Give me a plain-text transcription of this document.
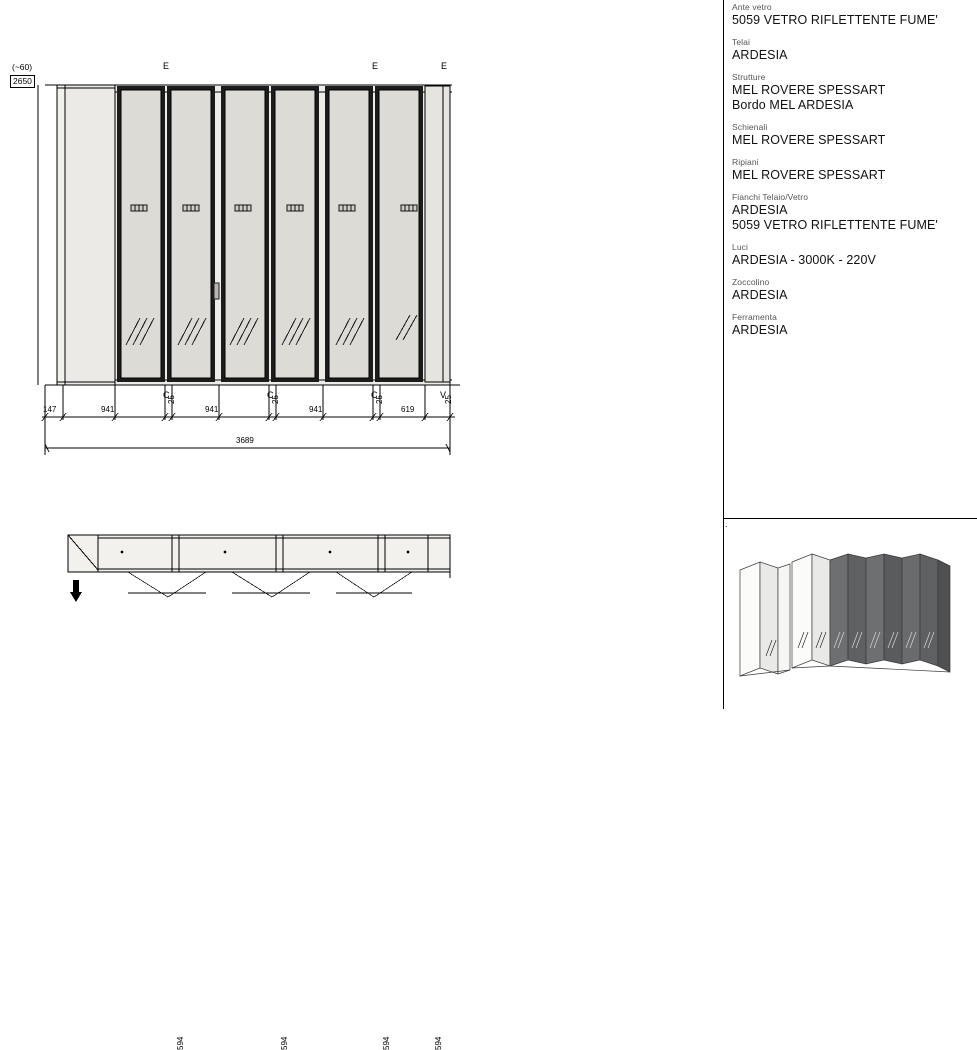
(~60)
2650
E	E	E
C	C	C	V
147	941
25
941
25
941
25
619
25
3689
594	594	594	594
Ante vetro
5059 VETRO RIFLETTENTE FUME'
Telai
ARDESIA
Strutture
MEL ROVERE SPESSART
Bordo MEL ARDESIA
Schienali
MEL ROVERE SPESSART
Ripiani
MEL ROVERE SPESSART
Fianchi Telaio/Vetro
ARDESIA
5059 VETRO RIFLETTENTE FUME'
Luci
ARDESIA - 3000K - 220V
Zoccolino
ARDESIA
Ferramenta
ARDESIA
.
